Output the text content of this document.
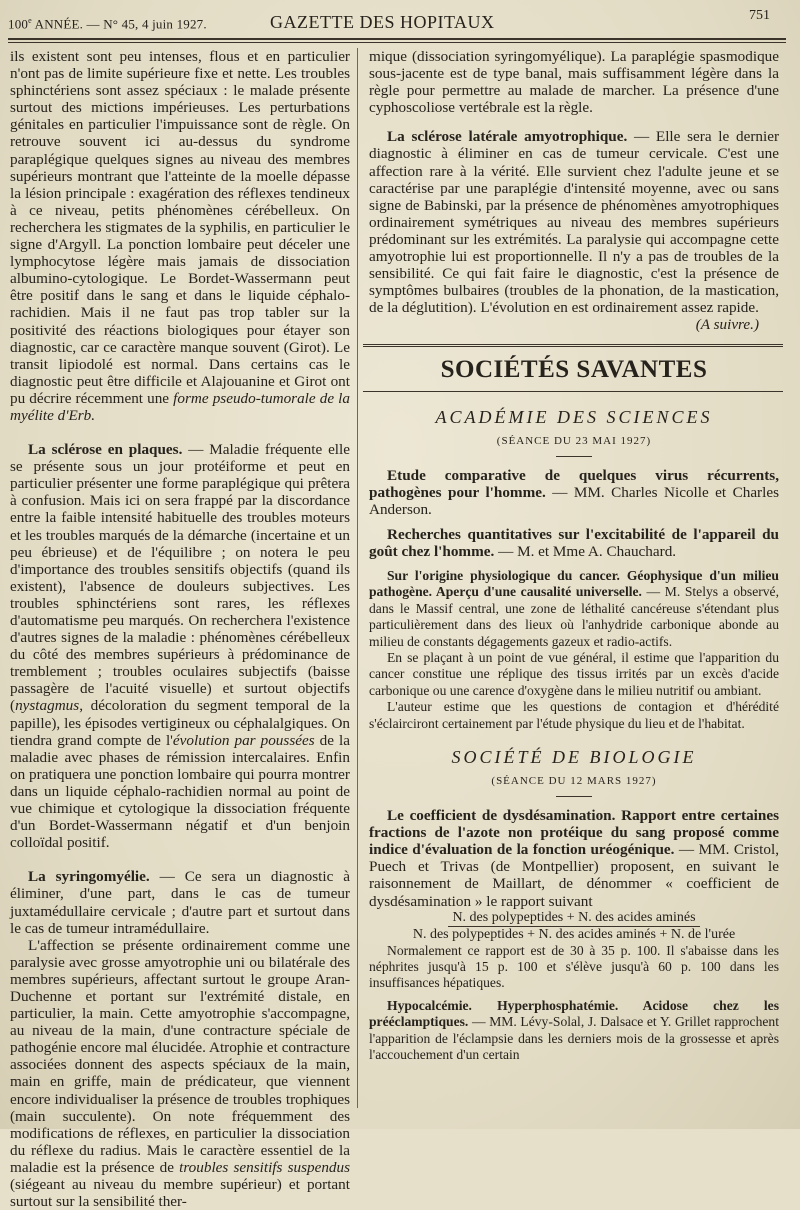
100e ANNÉE. — N° 45, 4 juin 1927.	GAZETTE DES HOPITAUX	751

ils existent sont peu intenses, flous et en particulier n'ont pas de limite supérieure fixe et nette. Les troubles sphinctériens sont assez spéciaux : le malade présente surtout des mictions impérieuses. Les perturbations génitales en particulier l'impuissance sont de règle. On retrouve souvent ici au-dessus du syndrome paraplégique quelques signes au niveau des membres supérieurs montrant que l'atteinte de la moelle dépasse la lésion principale : exagération des réflexes tendineux à ce niveau, petits phénomènes cérébelleux. On recherchera les stigmates de la syphilis, en particulier le signe d'Argyll. La ponction lombaire peut déceler une lymphocytose légère mais jamais de dissociation albumino-cytologique. Le Bordet-Wassermann peut être positif dans le sang et dans le liquide céphalo-rachidien. Mais il ne faut pas trop tabler sur la positivité des réactions biologiques pour étayer son diagnostic, car ce caractère manque souvent (Girot). Le transit lipiodolé est normal. Dans certains cas le diagnostic peut être difficile et Alajouanine et Girot ont pu décrire récemment une forme pseudo-tumorale de la myélite d'Erb.

La sclérose en plaques. — Maladie fréquente elle se présente sous un jour protéiforme et peut en particulier présenter une forme paraplégique qui prêtera à confusion. Mais ici on sera frappé par la discordance entre la faible intensité habituelle des troubles moteurs et les troubles marqués de la démarche (incertaine et un peu ébrieuse) et de l'équilibre ; on notera le peu d'importance des troubles sensitifs objectifs (quand ils existent), l'absence de douleurs subjectives. Les troubles sphinctériens sont rares, les réflexes d'automatisme peu marqués. On recherchera l'existence d'autres signes de la maladie : phénomènes cérébelleux du côté des membres supérieurs à prédominance de tremblement ; troubles oculaires subjectifs (baisse passagère de l'acuité visuelle) et surtout objectifs (nystagmus, décoloration du segment temporal de la papille), les épisodes vertigineux ou céphalalgiques. On tiendra grand compte de l'évolution par poussées de la maladie avec phases de rémission intercalaires. Enfin on pratiquera une ponction lombaire qui pourra montrer dans un liquide céphalo-rachidien normal au point de vue chimique et cytologique la dissociation fréquente d'un Bordet-Wassermann négatif et d'un benjoin colloïdal positif.

La syringomyélie. — Ce sera un diagnostic à éliminer, d'une part, dans le cas de tumeur juxtamédullaire cervicale ; d'autre part et surtout dans le cas de tumeur intramédullaire.

L'affection se présente ordinairement comme une paralysie avec grosse amyotrophie uni ou bilatérale des membres supérieurs, affectant surtout le groupe Aran-Duchenne et portant sur l'extrémité distale, en particulier, la main. Cette amyotrophie s'accompagne, au niveau de la main, d'une contracture spéciale de pathogénie encore mal élucidée. Atrophie et contracture associées donnent des aspects spéciaux de la main, main en griffe, main de prédicateur, que viennent encore individualiser la présence de troubles trophiques (main succulente). On note fréquemment des modifications de réflexes, en particulier la dissociation du réflexe du radius. Mais le caractère essentiel de la maladie est la présence de troubles sensitifs suspendus (siégeant au niveau du membre supérieur) et portant surtout sur la sensibilité ther-

mique (dissociation syringomyélique). La paraplégie spasmodique sous-jacente est de type banal, mais suffisamment légère dans la règle pour permettre au malade de marcher. La présence d'une cyphoscoliose vertébrale est la règle.

La sclérose latérale amyotrophique. — Elle sera le dernier diagnostic à éliminer en cas de tumeur cervicale. C'est une affection rare à la vérité. Elle survient chez l'adulte jeune et se caractérise par une paraplégie d'intensité moyenne, avec ou sans signe de Babinski, par la présence de phénomènes amyotrophiques ordinairement symétriques au niveau des membres supérieurs prédominant sur les extrémités. La paralysie qui accompagne cette amyotrophie lui est proportionnelle. Il n'y a pas de troubles de la sensibilité. Ce qui fait faire le diagnostic, c'est la présence de symptômes bulbaires (troubles de la phonation, de la mastication, de la déglutition). L'évolution en est ordinairement assez rapide.

(A suivre.)

SOCIÉTÉS SAVANTES
ACADÉMIE DES SCIENCES
(SÉANCE DU 23 MAI 1927)

Etude comparative de quelques virus récurrents, pathogènes pour l'homme. — MM. Charles Nicolle et Charles Anderson.

Recherches quantitatives sur l'excitabilité de l'appareil du goût chez l'homme. — M. et Mme A. Chauchard.

Sur l'origine physiologique du cancer. Géophysique d'un milieu pathogène. Aperçu d'une causalité universelle. — M. Stelys a observé, dans le Massif central, une zone de léthalité cancéreuse s'étendant plus particulièrement dans des lieux où l'anhydride carbonique abonde au milieu de constants dégagements gazeux et radio-actifs.

En se plaçant à un point de vue général, il estime que l'apparition du cancer constitue une réplique des tissus irrités par un excès d'acide carbonique ou une carence d'oxygène dans le milieu nutritif ou ambiant.

L'auteur estime que les questions de contagion et d'hérédité s'éclairciront certainement par l'étude physique du lieu et de l'habitat.

SOCIÉTÉ DE BIOLOGIE
(SÉANCE DU 12 MARS 1927)

Le coefficient de dysdésamination. Rapport entre certaines fractions de l'azote non protéique du sang proposé comme indice d'évaluation de la fonction uréogénique. — MM. Cristol, Puech et Trivas (de Montpellier) proposent, en suivant le raisonnement de Maillart, de dénommer « coefficient de dysdésamination » le rapport suivant

N. des polypeptides + N. des acides aminés
N. des polypeptides + N. des acides aminés + N. de l'urée

Normalement ce rapport est de 30 à 35 p. 100. Il s'abaisse dans les néphrites jusqu'à 15 p. 100 et s'élève jusqu'à 60 p. 100 dans les insuffisances hépatiques.

Hypocalcémie. Hyperphosphatémie. Acidose chez les prééclamptiques. — MM. Lévy-Solal, J. Dalsace et Y. Grillet rapprochent l'apparition de l'éclampsie dans les derniers mois de la grossesse et après l'accouchement d'un certain
